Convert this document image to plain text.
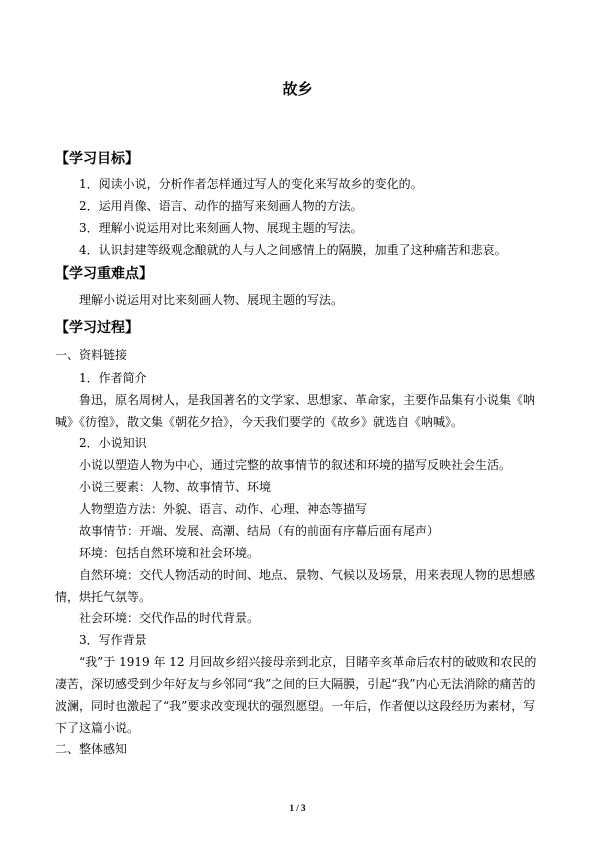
故乡
【学习目标】
1．阅读小说，分析作者怎样通过写人的变化来写故乡的变化的。
2．运用肖像、语言、动作的描写来刻画人物的方法。
3．理解小说运用对比来刻画人物、展现主题的写法。
4．认识封建等级观念酿就的人与人之间感情上的隔膜，加重了这种痛苦和悲哀。
【学习重难点】
理解小说运用对比来刻画人物、展现主题的写法。
【学习过程】
一、资料链接
1．作者简介
鲁迅，原名周树人，是我国著名的文学家、思想家、革命家，主要作品集有小说集《呐喊》《彷徨》，散文集《朝花夕拾》，今天我们要学的《故乡》就选自《呐喊》。
2．小说知识
小说以塑造人物为中心，通过完整的故事情节的叙述和环境的描写反映社会生活。
小说三要素：人物、故事情节、环境
人物塑造方法：外貌、语言、动作、心理、神态等描写
故事情节：开端、发展、高潮、结局（有的前面有序幕后面有尾声）
环境：包括自然环境和社会环境。
自然环境：交代人物活动的时间、地点、景物、气候以及场景，用来表现人物的思想感情，烘托气氛等。
社会环境：交代作品的时代背景。
3．写作背景
“我”于 1919 年 12 月回故乡绍兴接母亲到北京，目睹辛亥革命后农村的破败和农民的凄苦，深切感受到少年好友与乡邻同“我”之间的巨大隔膜，引起“我”内心无法消除的痛苦的波澜，同时也激起了“我”要求改变现状的强烈愿望。一年后，作者便以这段经历为素材，写下了这篇小说。
二、整体感知
1 / 3
